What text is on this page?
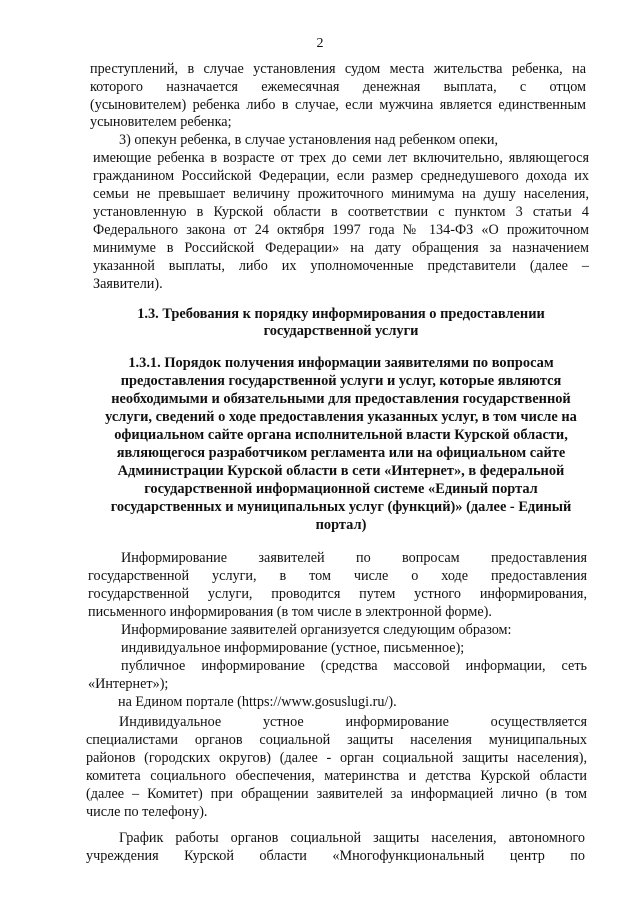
2
преступлений, в случае установления судом места жительства ребенка, на
которого назначается ежемесячная денежная выплата, с отцом
(усыновителем) ребенка либо в случае, если мужчина является единственным
усыновителем ребенка;
3) опекун ребенка, в случае установления над ребенком опеки,
имеющие ребенка в возрасте от трех до семи лет включительно, являющегося
гражданином Российской Федерации, если размер среднедушевого дохода их
семьи не превышает величину прожиточного минимума на душу населения,
установленную в Курской области в соответствии с пунктом 3 статьи 4
Федерального закона от 24 октября 1997 года № 134-ФЗ «О прожиточном
минимуме в Российской Федерации» на дату обращения за назначением
указанной выплаты, либо их уполномоченные представители (далее –
Заявители).
1.3. Требования к порядку информирования о предоставлении
государственной услуги
1.3.1. Порядок получения информации заявителями по вопросам
предоставления государственной услуги и услуг, которые являются
необходимыми и обязательными для предоставления государственной
услуги, сведений о ходе предоставления указанных услуг, в том числе на
официальном сайте органа исполнительной власти Курской области,
являющегося разработчиком регламента или на официальном сайте
Администрации Курской области в сети «Интернет», в федеральной
государственной информационной системе «Единый портал
государственных и муниципальных услуг (функций)» (далее - Единый
портал)
Информирование заявителей по вопросам предоставления
государственной услуги, в том числе о ходе предоставления
государственной услуги, проводится путем устного информирования,
письменного информирования (в том числе в электронной форме).
Информирование заявителей организуется следующим образом:
индивидуальное информирование (устное, письменное);
публичное информирование (средства массовой информации, сеть
«Интернет»);
на Едином портале (https://www.gosuslugi.ru/).
Индивидуальное устное информирование осуществляется
специалистами органов социальной защиты населения муниципальных
районов (городских округов) (далее - орган социальной защиты населения),
комитета социального обеспечения, материнства и детства Курской области
(далее – Комитет) при обращении заявителей за информацией лично (в том
числе по телефону).
График работы органов социальной защиты населения, автономного
учреждения Курской области «Многофункциональный центр по
